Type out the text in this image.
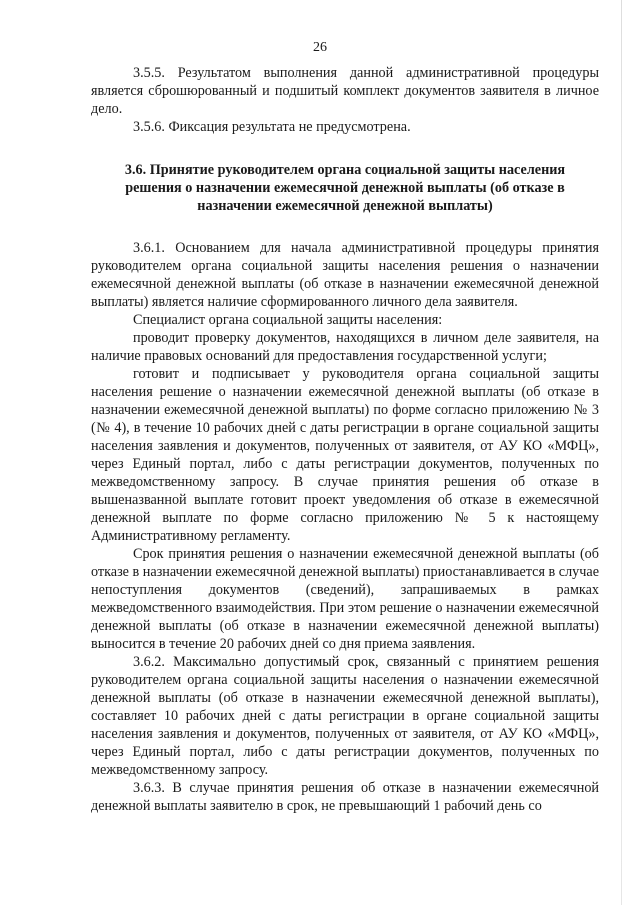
26

3.5.5. Результатом выполнения данной административной процедуры является сброшюрованный и подшитый комплект документов заявителя в личное дело.

3.5.6. Фиксация результата не предусмотрена.

3.6. Принятие руководителем органа социальной защиты населения решения о назначении ежемесячной денежной выплаты (об отказе в назначении ежемесячной денежной выплаты)

3.6.1. Основанием для начала административной процедуры принятия руководителем органа социальной защиты населения решения о назначении ежемесячной денежной выплаты (об отказе в назначении ежемесячной денежной выплаты) является наличие сформированного личного дела заявителя.

Специалист органа социальной защиты населения:

проводит проверку документов, находящихся в личном деле заявителя, на наличие правовых оснований для предоставления государственной услуги;

готовит и подписывает у руководителя органа социальной защиты населения решение о назначении ежемесячной денежной выплаты (об отказе в назначении ежемесячной денежной выплаты) по форме согласно приложению № 3 (№ 4), в течение 10 рабочих дней с даты регистрации в органе социальной защиты населения заявления и документов, полученных от заявителя, от АУ КО «МФЦ», через Единый портал, либо с даты регистрации документов, полученных по межведомственному запросу. В случае принятия решения об отказе в вышеназванной выплате готовит проект уведомления об отказе в ежемесячной денежной выплате по форме согласно приложению № 5 к настоящему Административному регламенту.

Срок принятия решения о назначении ежемесячной денежной выплаты (об отказе в назначении ежемесячной денежной выплаты) приостанавливается в случае непоступления документов (сведений), запрашиваемых в рамках межведомственного взаимодействия. При этом решение о назначении ежемесячной денежной выплаты (об отказе в назначении ежемесячной денежной выплаты) выносится в течение 20 рабочих дней со дня приема заявления.

3.6.2. Максимально допустимый срок, связанный с принятием решения руководителем органа социальной защиты населения о назначении ежемесячной денежной выплаты (об отказе в назначении ежемесячной денежной выплаты), составляет 10 рабочих дней с даты регистрации в органе социальной защиты населения заявления и документов, полученных от заявителя, от АУ КО «МФЦ», через Единый портал, либо с даты регистрации документов, полученных по межведомственному запросу.

3.6.3. В случае принятия решения об отказе в назначении ежемесячной денежной выплаты заявителю в срок, не превышающий 1 рабочий день со
